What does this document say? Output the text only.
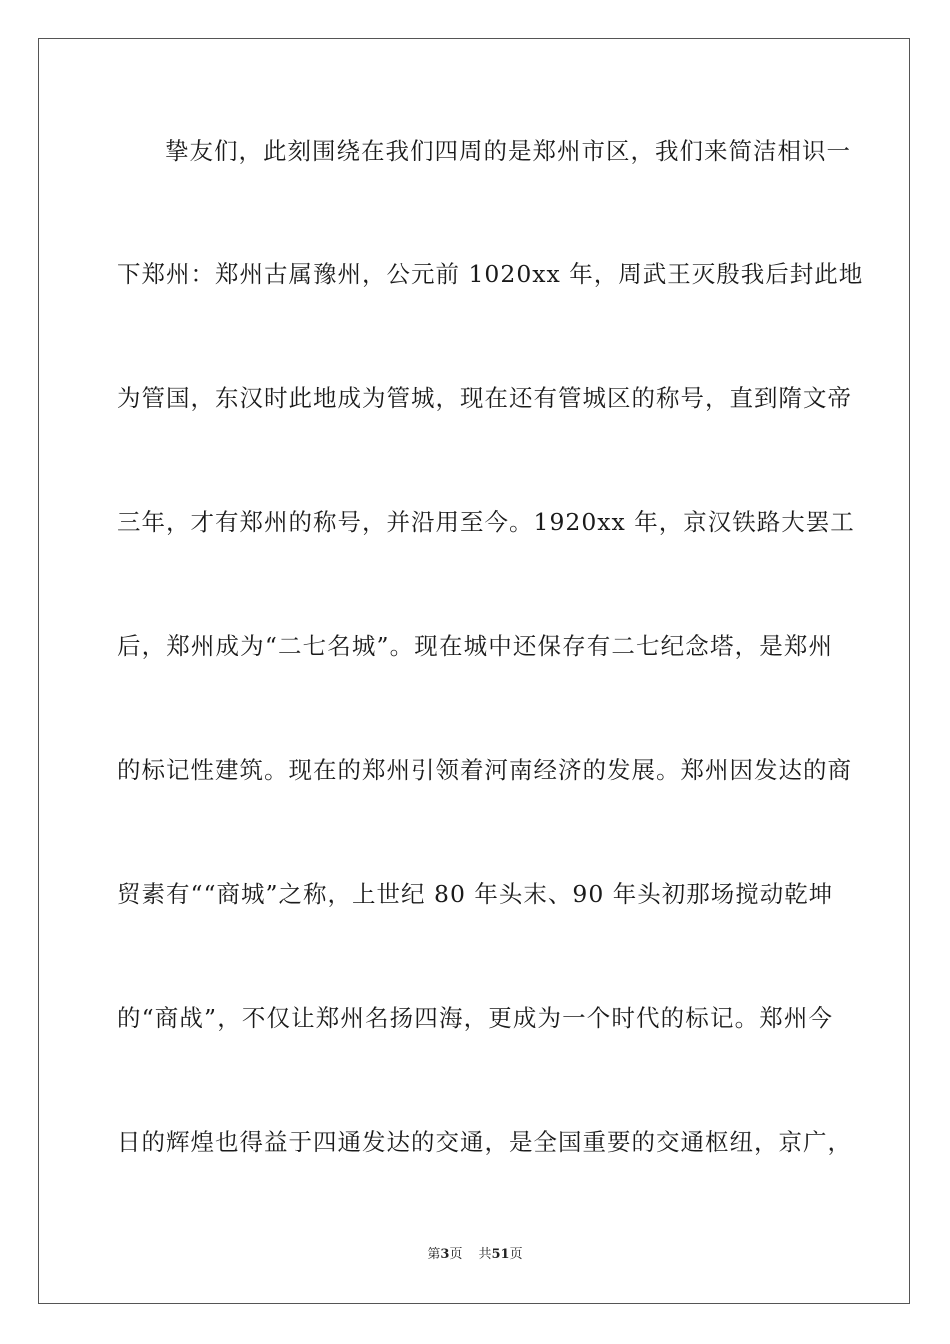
挚友们，此刻围绕在我们四周的是郑州市区，我们来简洁相识一
下郑州：郑州古属豫州，公元前 1020xx 年，周武王灭殷我后封此地
为管国，东汉时此地成为管城，现在还有管城区的称号，直到隋文帝
三年，才有郑州的称号，并沿用至今。1920xx 年，京汉铁路大罢工
后，郑州成为“二七名城”。现在城中还保存有二七纪念塔，是郑州
的标记性建筑。现在的郑州引领着河南经济的发展。郑州因发达的商
贸素有““商城”之称，上世纪 80 年头末、90 年头初那场搅动乾坤
的“商战”，不仅让郑州名扬四海，更成为一个时代的标记。郑州今
日的辉煌也得益于四通发达的交通，是全国重要的交通枢纽，京广，
第3页 共51页
